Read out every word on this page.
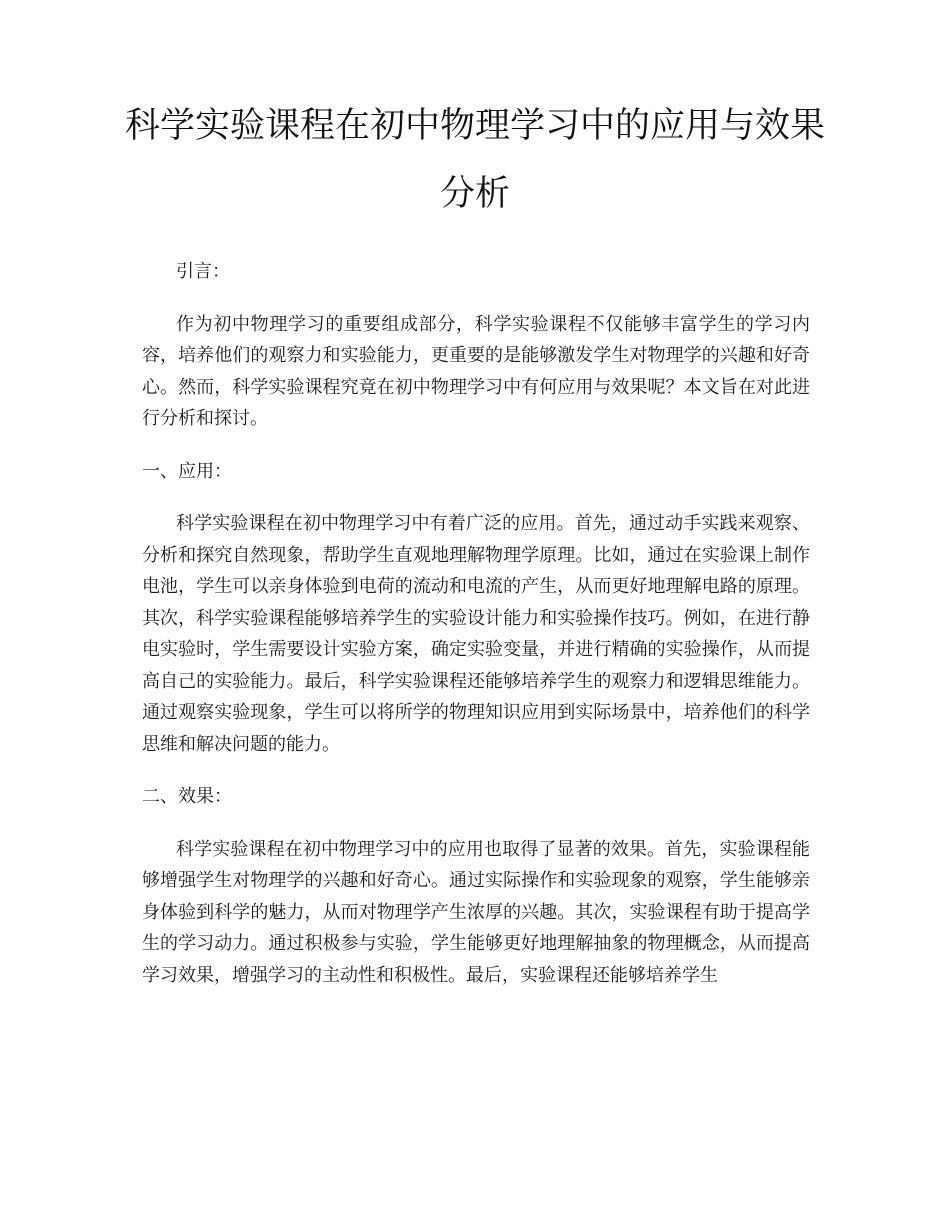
科学实验课程在初中物理学习中的应用与效果分析

引言：

作为初中物理学习的重要组成部分，科学实验课程不仅能够丰富学生的学习内容，培养他们的观察力和实验能力，更重要的是能够激发学生对物理学的兴趣和好奇心。然而，科学实验课程究竟在初中物理学习中有何应用与效果呢？本文旨在对此进行分析和探讨。

一、应用：

科学实验课程在初中物理学习中有着广泛的应用。首先，通过动手实践来观察、分析和探究自然现象，帮助学生直观地理解物理学原理。比如，通过在实验课上制作电池，学生可以亲身体验到电荷的流动和电流的产生，从而更好地理解电路的原理。其次，科学实验课程能够培养学生的实验设计能力和实验操作技巧。例如，在进行静电实验时，学生需要设计实验方案，确定实验变量，并进行精确的实验操作，从而提高自己的实验能力。最后，科学实验课程还能够培养学生的观察力和逻辑思维能力。通过观察实验现象，学生可以将所学的物理知识应用到实际场景中，培养他们的科学思维和解决问题的能力。

二、效果：

科学实验课程在初中物理学习中的应用也取得了显著的效果。首先，实验课程能够增强学生对物理学的兴趣和好奇心。通过实际操作和实验现象的观察，学生能够亲身体验到科学的魅力，从而对物理学产生浓厚的兴趣。其次，实验课程有助于提高学生的学习动力。通过积极参与实验，学生能够更好地理解抽象的物理概念，从而提高学习效果，增强学习的主动性和积极性。最后，实验课程还能够培养学生
